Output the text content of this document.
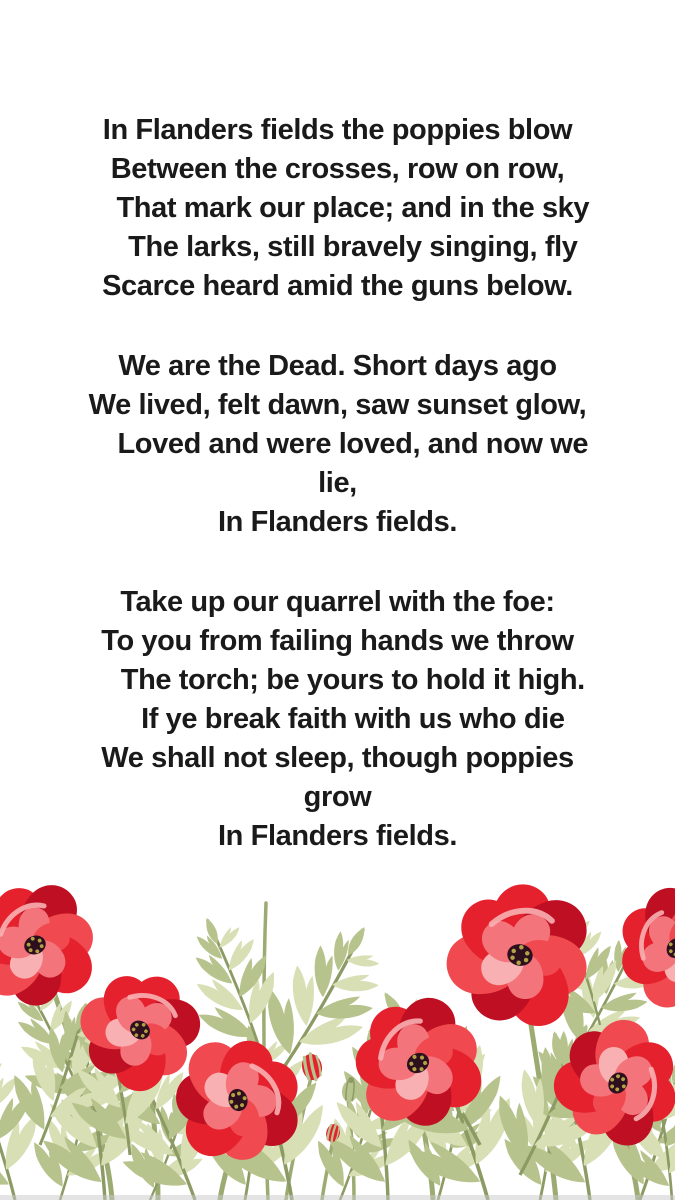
In Flanders fields the poppies blow
Between the crosses, row on row,
That mark our place; and in the sky
The larks, still bravely singing, fly
Scarce heard amid the guns below.
We are the Dead. Short days ago
We lived, felt dawn, saw sunset glow,
Loved and were loved, and now we
lie,
In Flanders fields.
Take up our quarrel with the foe:
To you from failing hands we throw
The torch; be yours to hold it high.
If ye break faith with us who die
We shall not sleep, though poppies
grow
In Flanders fields.
